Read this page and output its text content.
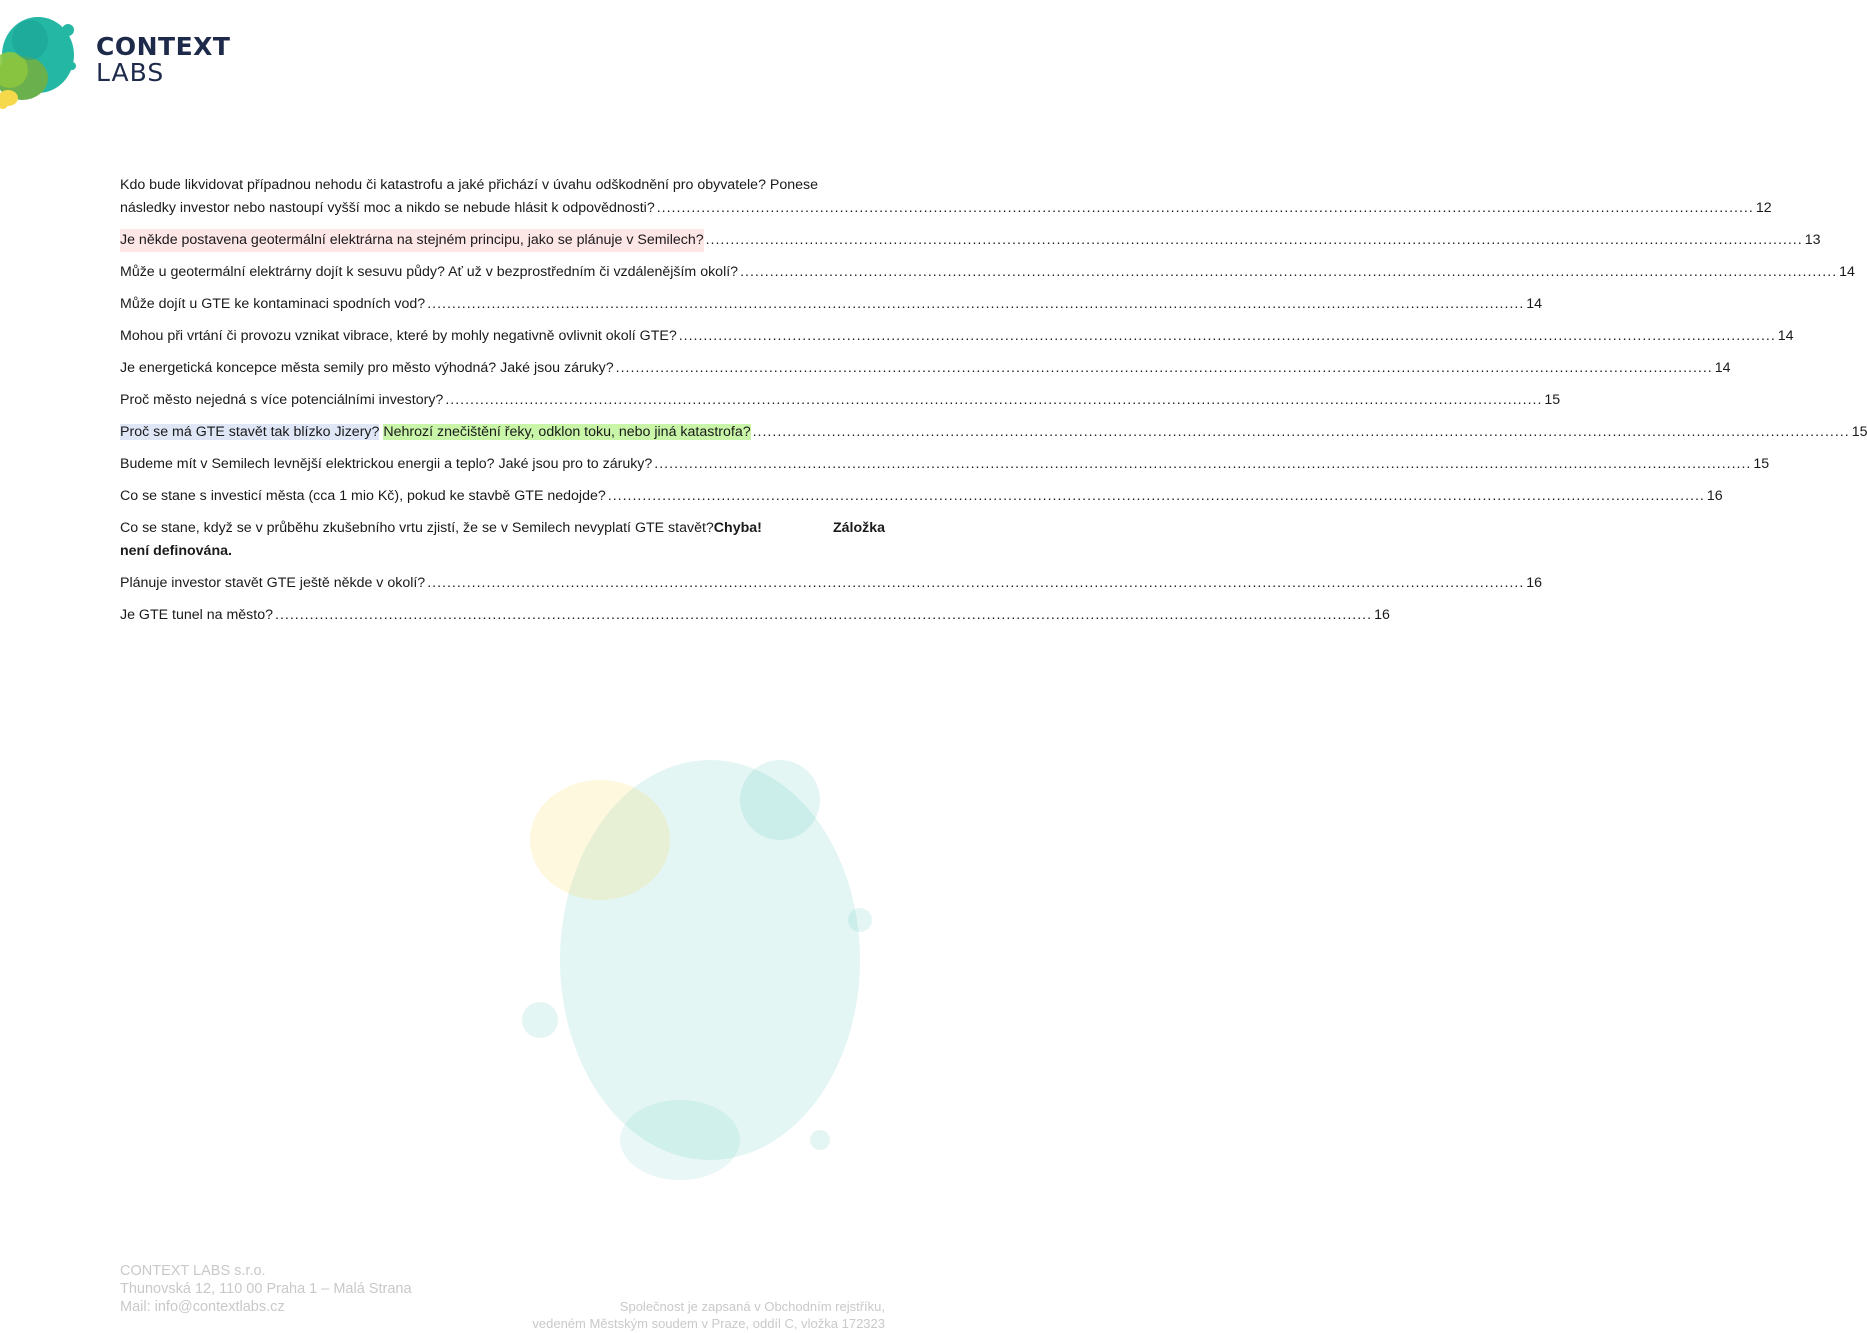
CONTEXT
LABS
Kdo bude likvidovat případnou nehodu či katastrofu a jaké přichází v úvahu odškodnění pro obyvatele? Ponese
následky investor nebo nastoupí vyšší moc a nikdo se nebude hlásit k odpovědnosti? .............................................................................................................................................................................................................................. 12
Je někde postavena geotermální elektrárna na stejném principu, jako se plánuje v Semilech? .............................................................................................................................................................................................................................. 13
Může u geotermální elektrárny dojít k sesuvu půdy? Ať už v bezprostředním či vzdálenějším okolí? .............................................................................................................................................................................................................................. 14
Může dojít u GTE ke kontaminaci spodních vod? .............................................................................................................................................................................................................................. 14
Mohou při vrtání či provozu vznikat vibrace, které by mohly negativně ovlivnit okolí GTE? .............................................................................................................................................................................................................................. 14
Je energetická koncepce města semily pro město výhodná? Jaké jsou záruky? .............................................................................................................................................................................................................................. 14
Proč město nejedná s více potenciálními investory? .............................................................................................................................................................................................................................. 15
Proč se má GTE stavět tak blízko Jizery? Nehrozí znečištění řeky, odklon toku, nebo jiná katastrofa? .............................................................................................................................................................................................................................. 15
Budeme mít v Semilech levnější elektrickou energii a teplo? Jaké jsou pro to záruky? .............................................................................................................................................................................................................................. 15
Co se stane s investicí města (cca 1 mio Kč), pokud ke stavbě GTE nedojde? .............................................................................................................................................................................................................................. 16
Co se stane, když se v průběhu zkušebního vrtu zjistí, že se v Semilech nevyplatí GTE stavět?Chyba!	Záložka
není definována.
Plánuje investor stavět GTE ještě někde v okolí? .............................................................................................................................................................................................................................. 16
Je GTE tunel na město? .............................................................................................................................................................................................................................. 16
CONTEXT LABS s.r.o.
Thunovská 12, 110 00 Praha 1 – Malá Strana
Mail: info@contextlabs.cz	Společnost je zapsaná v Obchodním rejstříku,
vedeném Městským soudem v Praze, oddíl C, vložka 172323
